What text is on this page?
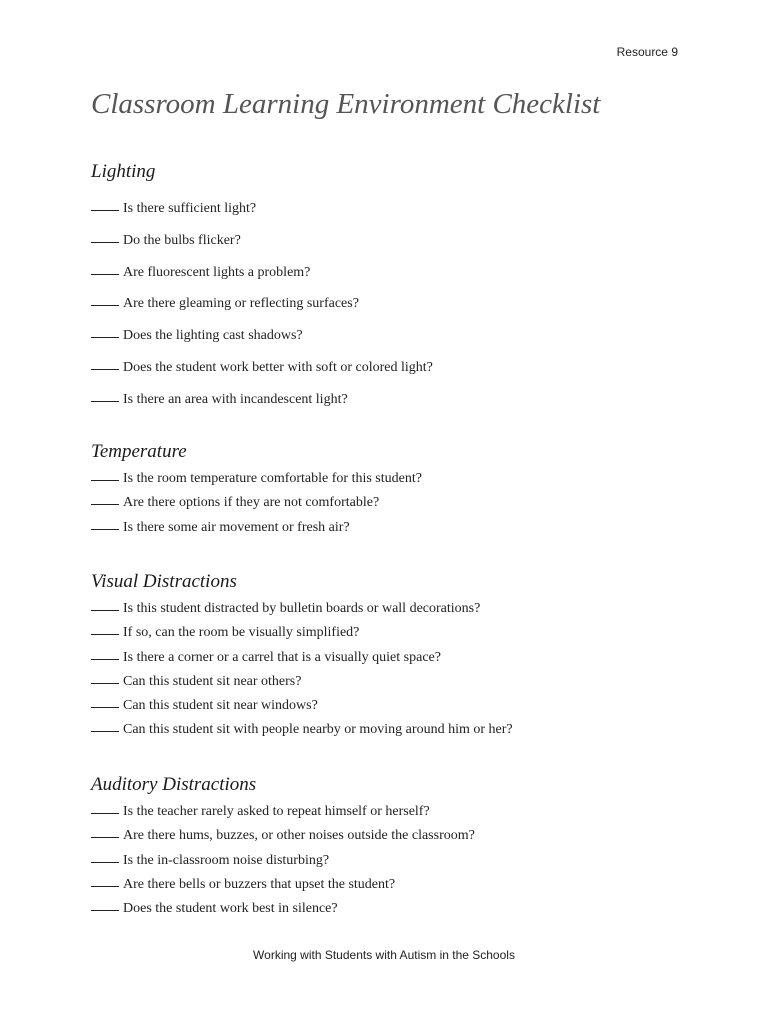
Resource 9
Classroom Learning Environment Checklist
Lighting
Is there sufficient light?
Do the bulbs flicker?
Are fluorescent lights a problem?
Are there gleaming or reflecting surfaces?
Does the lighting cast shadows?
Does the student work better with soft or colored light?
Is there an area with incandescent light?
Temperature
Is the room temperature comfortable for this student?
Are there options if they are not comfortable?
Is there some air movement or fresh air?
Visual Distractions
Is this student distracted by bulletin boards or wall decorations?
If so, can the room be visually simplified?
Is there a corner or a carrel that is a visually quiet space?
Can this student sit near others?
Can this student sit near windows?
Can this student sit with people nearby or moving around him or her?
Auditory Distractions
Is the teacher rarely asked to repeat himself or herself?
Are there hums, buzzes, or other noises outside the classroom?
Is the in-classroom noise disturbing?
Are there bells or buzzers that upset the student?
Does the student work best in silence?
Working with Students with Autism in the Schools
